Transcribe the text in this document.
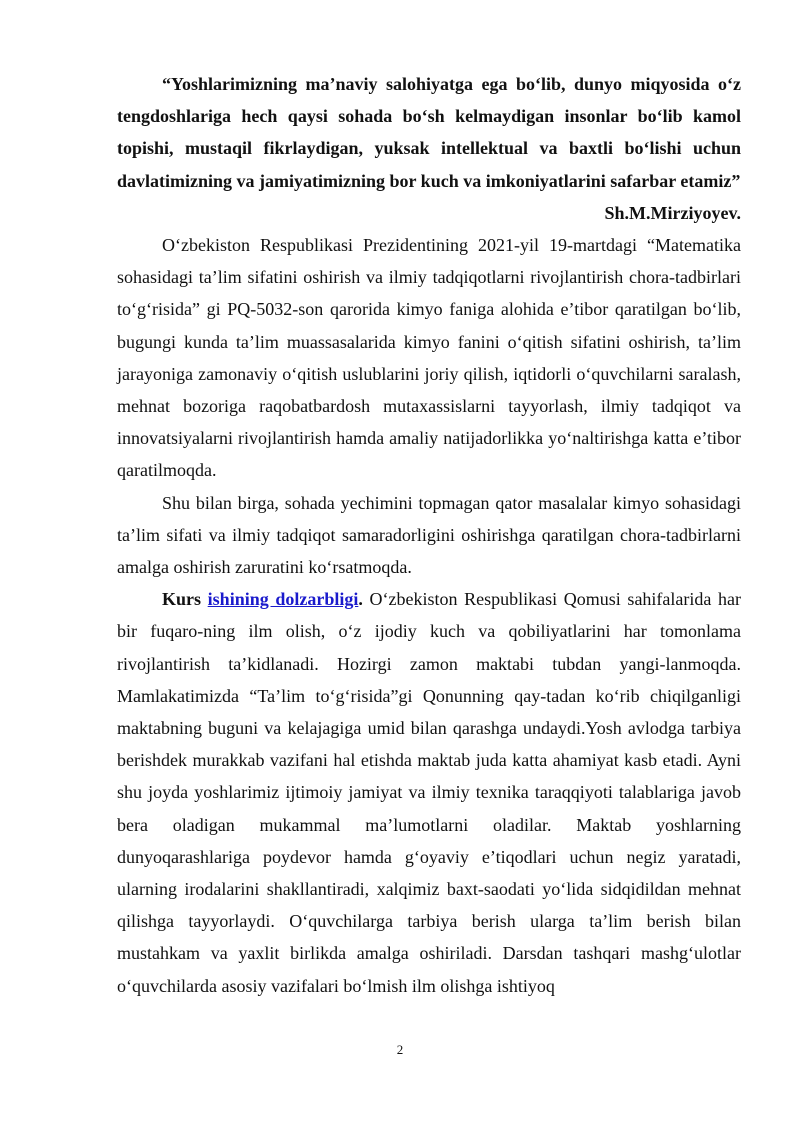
“Yoshlarimizning ma’naviy salohiyatga ega bo‘lib, dunyo miqyosida o‘z tengdoshlariga hech qaysi sohada bo‘sh kelmaydigan insonlar bo‘lib kamol topishi, mustaqil fikrlaydigan, yuksak intellektual va baxtli bo‘lishi uchun davlatimizning va jamiyatimizning bor kuch va imkoniyatlarini safarbar etamiz”

Sh.M.Mirziyoyev.

O‘zbekiston Respublikasi Prezidentining 2021-yil 19-martdagi “Matematika sohasidagi ta’lim sifatini oshirish va ilmiy tadqiqotlarni rivojlantirish chora-tadbirlari to‘g‘risida” gi PQ-5032-son qarorida kimyo faniga alohida e’tibor qaratilgan bo‘lib, bugungi kunda ta’lim muassasalarida kimyo fanini o‘qitish sifatini oshirish, ta’lim jarayoniga zamonaviy o‘qitish uslublarini joriy qilish, iqtidorli o‘quvchilarni saralash, mehnat bozoriga raqobatbardosh mutaxassislarni tayyorlash, ilmiy tadqiqot va innovatsiyalarni rivojlantirish hamda amaliy natijadorlikka yo‘naltirishga katta e’tibor qaratilmoqda.

Shu bilan birga, sohada yechimini topmagan qator masalalar kimyo sohasidagi ta’lim sifati va ilmiy tadqiqot samaradorligini oshirishga qaratilgan chora-tadbirlarni amalga oshirish zaruratini ko‘rsatmoqda.

Kurs ishining dolzarbligi. O‘zbekiston Respublikasi Qomusi sahifalarida har bir fuqaro-ning ilm olish, o‘z ijodiy kuch va qobiliyatlarini har tomonlama rivojlantirish ta’kidlanadi. Hozirgi zamon maktabi tubdan yangi-lanmoqda. Mamlakatimizda “Ta’lim to‘g‘risida”gi Qonunning qay-tadan ko‘rib chiqilganligi maktabning buguni va kelajagiga umid bilan qarashga undaydi.Yosh avlodga tarbiya berishdek murakkab vazifani hal etishda maktab juda katta ahamiyat kasb etadi. Ayni shu joyda yoshlarimiz ijtimoiy jamiyat va ilmiy texnika taraqqiyoti talablariga javob bera oladigan mukammal ma’lumotlarni oladilar. Maktab yoshlarning dunyoqarashlariga poydevor hamda g‘oyaviy e’tiqodlari uchun negiz yaratadi, ularning irodalarini shakllantiradi, xalqimiz baxt-saodati yo‘lida sidqidildan mehnat qilishga tayyorlaydi. O‘quvchilarga tarbiya berish ularga ta’lim berish bilan mustahkam va yaxlit birlikda amalga oshiriladi. Darsdan tashqari mashg‘ulotlar o‘quvchilarda asosiy vazifalari bo‘lmish ilm olishga ishtiyoq

2
